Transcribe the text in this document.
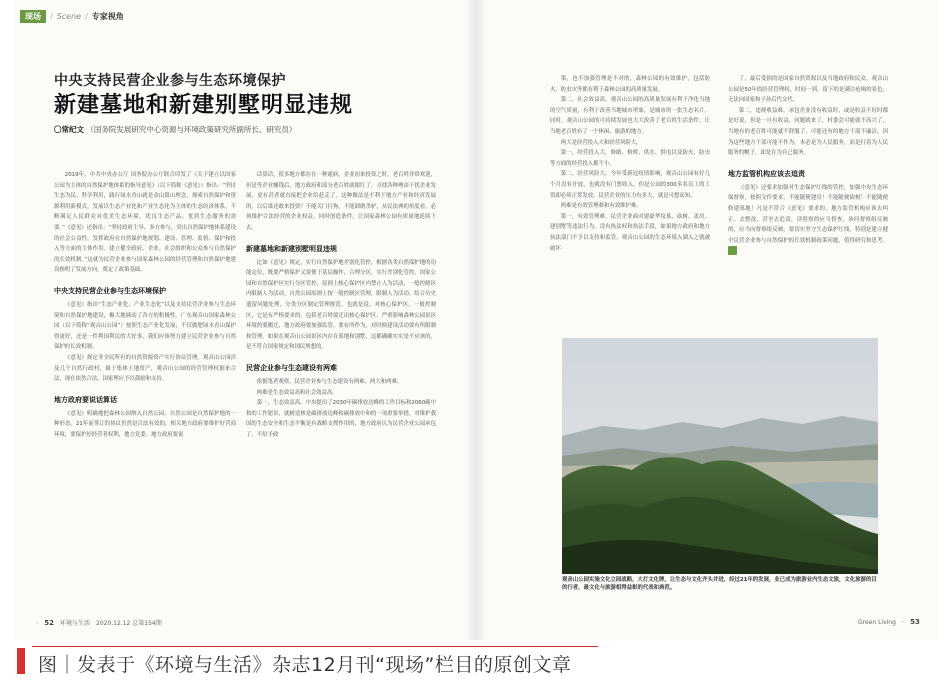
现场	/ Scene / 专家视角
中央支持民营企业参与生态环境保护
新建墓地和新建别墅明显违规
〇常纪文 （国务院发展研究中心资源与环境政策研究所副所长、研究员）

2019年，中共中央办公厅 国务院办公厅联合印发了《关于建立以国家公园为主体的自然保护地体系的指导意见》（以下简称《意见》）指出：“坚持生态为民、科学利用，践行绿水青山就是金山银山理念，探索自然保护和资源利用新模式，发展以生态产业化和产业生态化为主体的生态经济体系，不断满足人民群众对优美生态环境、优良生态产品、优质生态服务的需要。”《意见》还指出：“坚持政府主导、多方参与，突出自然保护地体系建设的社会公益性，发挥政府在自然保护地规划、建设、管理、监督、保护和投入等方面的主体作用。建立健全政府、企业、社会组织和公众参与自然保护的长效机制。”这就为民营企业参与国家森林公园的经营管理和自然保护地建设指明了发展方向，奠定了政策基础。

中央支持民营企业参与生态环境保护

《意见》指出“生态产业化、产业生态化”以及支持民营企业参与生态环境和自然保护地建设，极大地调动了各方的积极性。广东观音山国家森林公园（以下简称“观音山公园”）按照生态产业化发展，不仅做肥绿水青山保护得更好，还是一件利国利民的大好事，我们应该努力建立民营企业参与自然保护的长效机制。

《意见》规定非全民所有的自然资源资产实行协议管理。观音山公园涉及几个自然行政村，属于集体土地资产，观音山公园的经营管理权据来合法，现在依然合法，国家理应予以鼓励和支持。

地方政府要说话算话

《意见》明确地把森林公园纳入自然公园，自然公园是自然保护地的一种形态。21年前签订的协议仍然是合法有效的，相关地方政府要维护好营商环境，要保护好经营者权利，地方党委、地方政府要说

话算话，很多地方都存在一种通病，企业初来投资之时，老百姓非常欢迎，但是等企业赚钱后，地方政府和部分老百姓就眼红了，寻找各种理由干扰企业发展，更有甚者就直接把企业给赶走了，这种做法是不利于地方产业和经济发展的，以后谁还敢来投资？不能关门打狗，不能卸磨杀驴，从民法典的角度看，必须维护合法经营的企业权益，同时创造条件，让国家森林公园有质量地延续下去。

新建墓地和新建别墅明显违规

比如《意见》规定，实行自然保护地差别化管控，根据各类自然保护地的功能定位，既要严格保护又要便于基层操作，合理分区，实行差别化管控，国家公园和自然保护区实行分区管控，原则上核心保护区内禁止人为活动，一般控制区内限制人为活动。自然公园原则上按一般控制区管理，限制人为活动。结合历史遗留问题处理，分类分区制定管理规范，也就是说，对核心保护区、一般控制区，它是有严格要求的，包括老百姓要迁出核心保护区、严重影响森林公园景区环境的要搬迁，地方政府要加强监管。要有所作为，对时候建设活动要有所限制和管理，如果在观音山公园景区内存在墓地和别墅，这都确确实实是不应该的，是不符合国家规定和国民规想的。

民营企业参与生态建设有两难

依据笔者观察，民营企业参与生态建设有两难、两大和两难。

两难是生态效益高和社会效益高。

第一，生态效益高。中央提出了2030年碳排放达峰的工作目标和2060碳中和的工作愿景，就树造林是碳排放达峰和碳排放中和的一项重要举措，对维护我国的生态安全和生态平衡是有战略支撑作用的，地方政府认为民营企业公园承包了，不给予政

策，也不加强管理是不对的，森林公园的有效维护，包括防火、防虫灾等都有利于森林公园的高质量发展。

第二，社会效益高。观音山公园的高质量发展有利于净化当地的空气质量，有利于改善当地城市形象，是城市的一张生态名片，同时，观音山公园的可持续发展也大大改善了老百姓生活条件，让当地老百姓有了一个休闲、旅游的地方。

两大是经营投入大和经营风险大。

第一，经营投入大，修路、修桥、供水、供电以及防火、防虫等方面的经营投入都不小。

第二，经营风险大。今年受新冠疫情影响，观音山公园有好几个月没有开放，也就没有门票收入，但是公园的300多名员工的工资却必须正常发放，民营企业的压力有多大，就是可想而知。

两难是有效管理难和有效维护难。

第一，有效管理难。民营企业面对建豪华坟墓、砍树、盖房、建别墅等违法行为，没有执法权和执法手段，如果地方政府和地方执法部门不予以支持和监管，观音山公园的生态环境入湖入之就被破坏

了，最后受损的是国家自然资源以及当地政府和民众。观音山公园是50年的经营管理权，时间一到，留下的是满目疮痍的景色，无法向国家和子孙后代交代。

第二，违规收益难。承包企业没有收益时，或是收益不好时都是好说，但是一旦有收益，问题就来了，村委会可能就不高兴了，当地有的老百姓可能就不舒服了，可能还有的地方干部不廉洁，因为这些地方干部可能不作为，本必是为人民服务，而是打着为人民服务的幌子，却是在为自己服务。

地方监管机构应该去追责

《意见》还要求加强对生态保护红线的管控，加强中央生态环保督察，按照文件要求，不能随便建房！不能随便砍树！不能随便修建墓地！凡是不符合《意见》要求的，地方监管机构应该去纠正、去整改，甚至去追责，读督察的应当督查，该问督察组反映的，应当向督察组反映，要切实坚守生态保护红线，特别是建立健全民营企业参与自然保护的长效机制政策问题，值得研究和思考。 ✓

观音山公园实施文化立园战略，大打文化牌，让生态与文化齐头并进，经过21年的发展，业已成为旅游业内生态文旅，文化旅游的目的行者，最文化与旅游相得益彰的代表和典范。
· 52 环境与生活 2020.12.12 总第154期	Green Living · 53
图｜发表于《环境与生活》杂志12月刊“现场”栏目的原创文章
